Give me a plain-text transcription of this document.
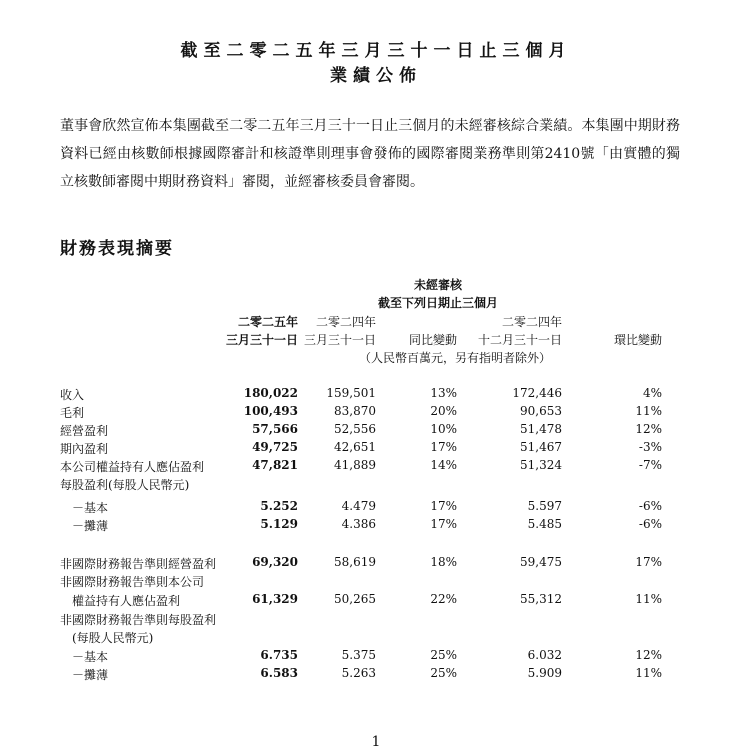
截至二零二五年三月三十一日止三個月
業績公佈

董事會欣然宣佈本集團截至二零二五年三月三十一日止三個月的未經審核綜合業績。本集團中期財務資料已經由核數師根據國際審計和核證準則理事會發佈的國際審閱業務準則第2410號「由實體的獨立核數師審閱中期財務資料」審閱，並經審核委員會審閱。

財務表現摘要
未經審核
截至下列日期止三個月
二零二五年
三月三十一日
二零二四年
三月三十一日	同比變動
二零二四年
十二月三十一日	環比變動
（人民幣百萬元，另有指明者除外）
收入	180,022 159,501	13%	172,446	4%
毛利	100,493	83,870	20%	90,653	11%
經營盈利	57,566	52,556	10%	51,478	12%
期內盈利	49,725	42,651	17%	51,467	-3%
本公司權益持有人應佔盈利	47,821	41,889	14%	51,324	-7%
每股盈利(每股人民幣元)
－基本	5.252	4.479	17%	5.597	-6%
－攤薄	5.129	4.386	17%	5.485	-6%
非國際財務報告準則經營盈利	69,320	58,619	18%	59,475	17%
非國際財務報告準則本公司
權益持有人應佔盈利	61,329	50,265	22%	55,312	11%
非國際財務報告準則每股盈利
(每股人民幣元)
－基本	6.735	5.375	25%	6.032	12%
－攤薄	6.583	5.263	25%	5.909	11%
1
